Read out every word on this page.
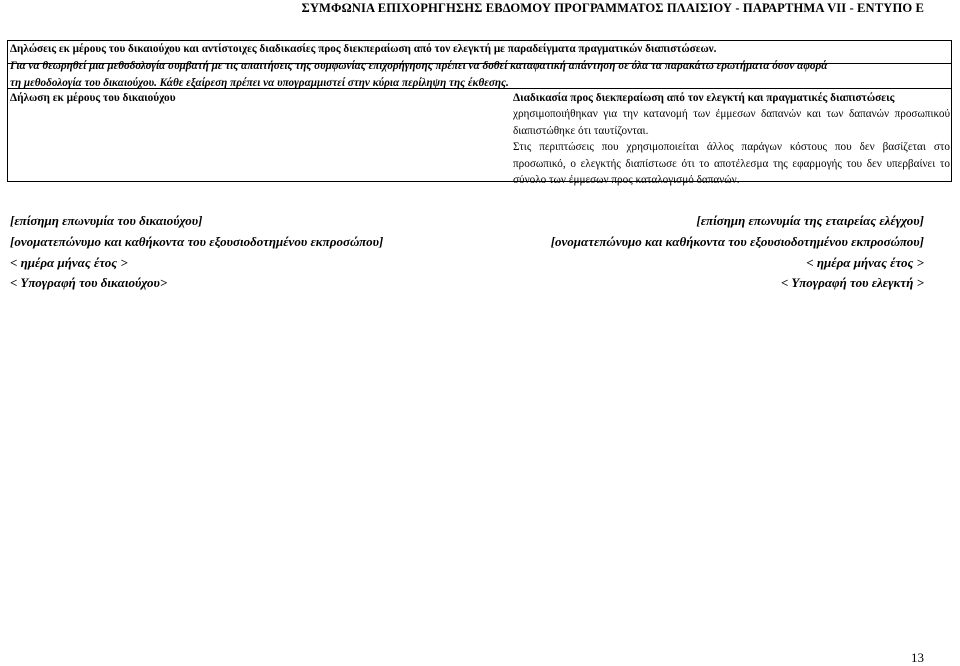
ΣΥΜΦΩΝΙΑ ΕΠΙΧΟΡΗΓΗΣΗΣ ΕΒΔΟΜΟΥ ΠΡΟΓΡΑΜΜΑΤΟΣ ΠΛΑΙΣΙΟΥ - ΠΑΡΑΡΤΗΜΑ VII - ΕΝΤΥΠΟ Ε
Δηλώσεις εκ μέρους του δικαιούχου και αντίστοιχες διαδικασίες προς διεκπεραίωση από τον ελεγκτή με παραδείγματα πραγματικών διαπιστώσεων.
Για να θεωρηθεί μια μεθοδολογία συμβατή με τις απαιτήσεις της συμφωνίας επιχορήγησης πρέπει να δοθεί καταφατική απάντηση σε όλα τα παρακάτω ερωτήματα όσον αφορά
τη μεθοδολογία του δικαιούχου. Κάθε εξαίρεση πρέπει να υπογραμμιστεί στην κύρια περίληψη της έκθεσης.
Δήλωση εκ μέρους του δικαιούχου	Διαδικασία προς διεκπεραίωση από τον ελεγκτή και πραγματικές διαπιστώσεις

χρησιμοποιήθηκαν για την κατανομή των έμμεσων δαπανών και των δαπανών προσωπικού διαπιστώθηκε ότι ταυτίζονται.

Στις περιπτώσεις που χρησιμοποιείται άλλος παράγων κόστους που δεν βασίζεται στο προσωπικό, ο ελεγκτής διαπίστωσε ότι το αποτέλεσμα της εφαρμογής του δεν υπερβαίνει το σύνολο των έμμεσων προς καταλογισμό δαπανών.

[επίσημη επωνυμία του δικαιούχου]
[ονοματεπώνυμο και καθήκοντα του εξουσιοδοτημένου εκπροσώπου]
< ημέρα μήνας έτος >
< Υπογραφή του δικαιούχου>
[επίσημη επωνυμία της εταιρείας ελέγχου]
[ονοματεπώνυμο και καθήκοντα του εξουσιοδοτημένου εκπροσώπου]
< ημέρα μήνας έτος >
< Υπογραφή του ελεγκτή >
13
